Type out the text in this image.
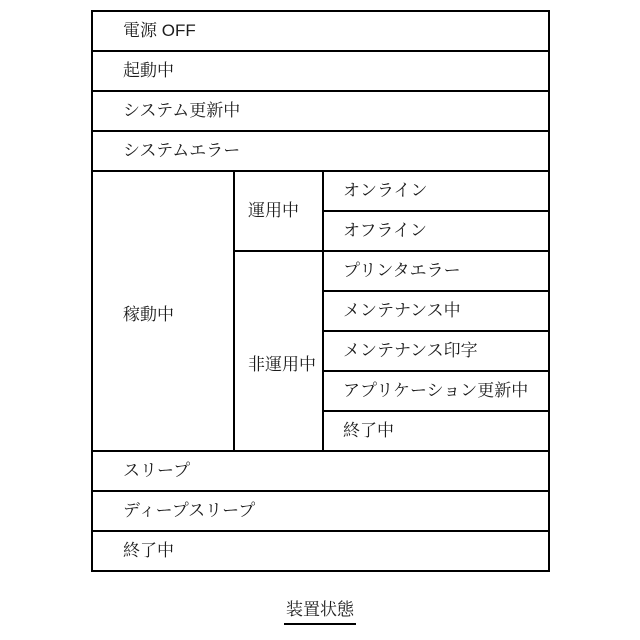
電源 OFF		
起動中		
システム更新中		
システムエラー		
稼動中	運用中	オンライン
		オフライン
	非運用中	プリンタエラー
		メンテナンス中
		メンテナンス印字
		アプリケーション更新中
		終了中
スリープ		
ディープスリープ		
終了中		
装置状態
